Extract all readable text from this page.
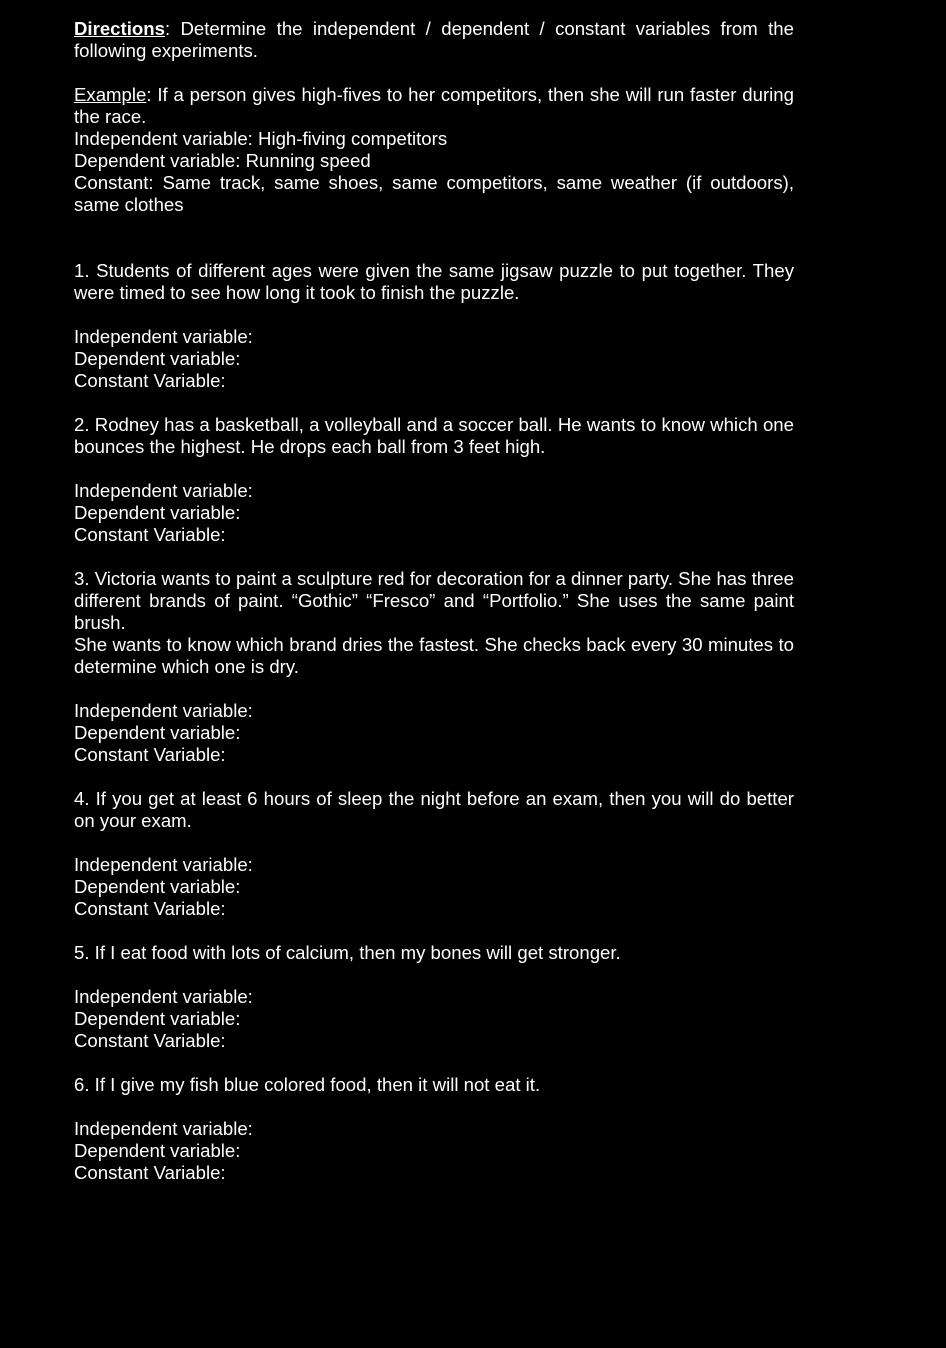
Directions: Determine the independent / dependent / constant variables from the following experiments.

Example: If a person gives high-fives to her competitors, then she will run faster during the race.

Independent variable: High-fiving competitors

Dependent variable: Running speed

Constant: Same track, same shoes, same competitors, same weather (if outdoors), same clothes

1. Students of different ages were given the same jigsaw puzzle to put together. They were timed to see how long it took to finish the puzzle.

Independent variable:
Dependent variable:
Constant Variable:

2. Rodney has a basketball, a volleyball and a soccer ball. He wants to know which one bounces the highest. He drops each ball from 3 feet high.

Independent variable:
Dependent variable:
Constant Variable:

3. Victoria wants to paint a sculpture red for decoration for a dinner party. She has three different brands of paint. “Gothic” “Fresco” and “Portfolio.” She uses the same paint brush.

She wants to know which brand dries the fastest. She checks back every 30 minutes to determine which one is dry.

Independent variable:
Dependent variable:
Constant Variable:

4. If you get at least 6 hours of sleep the night before an exam, then you will do better on your exam.

Independent variable:
Dependent variable:
Constant Variable:

5. If I eat food with lots of calcium, then my bones will get stronger.

Independent variable:
Dependent variable:
Constant Variable:

6. If I give my fish blue colored food, then it will not eat it.

Independent variable:
Dependent variable:
Constant Variable:
